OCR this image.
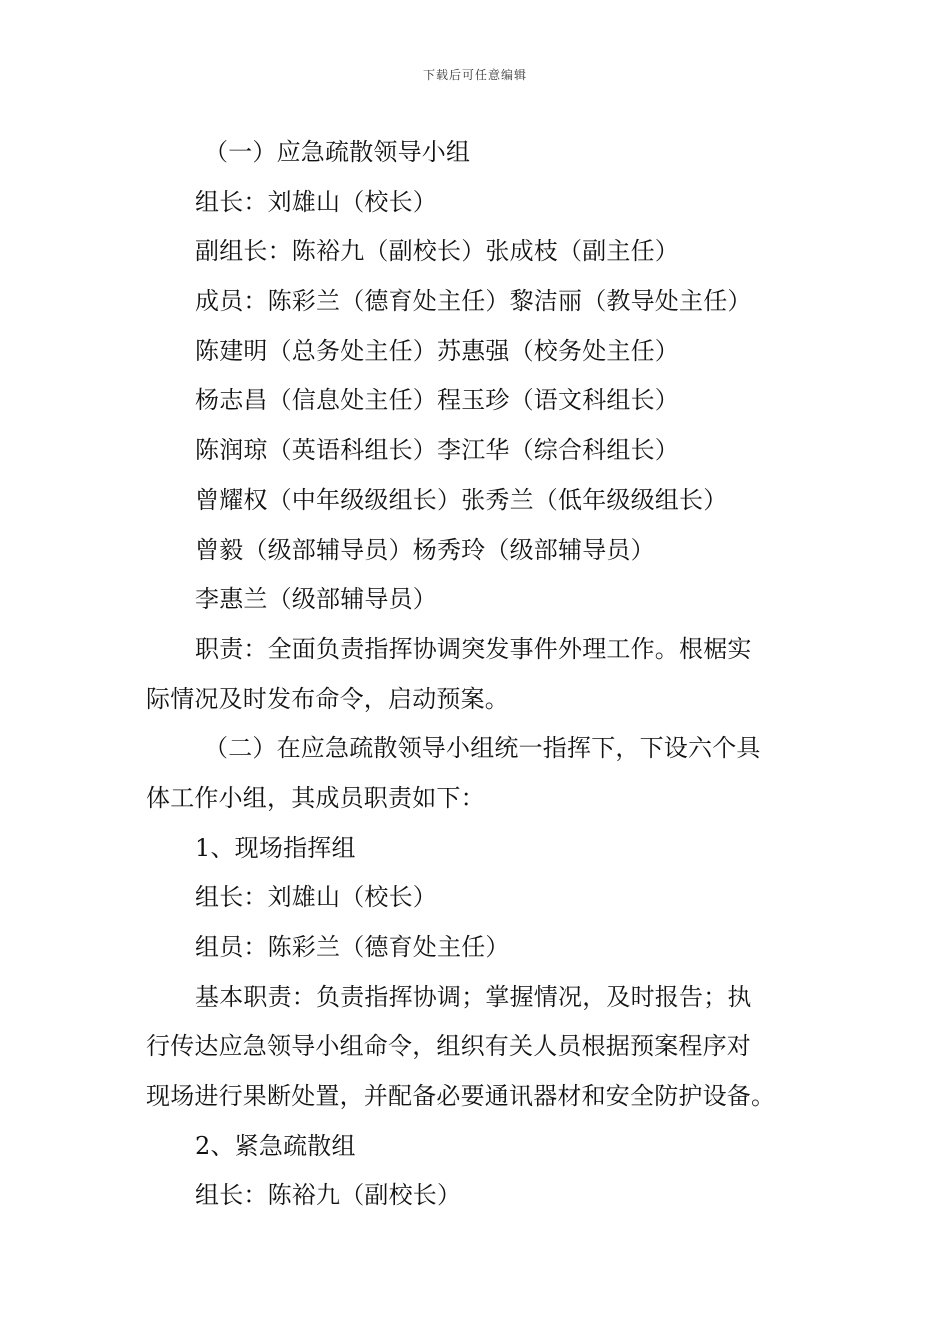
下载后可任意编辑
（一）应急疏散领导小组
组长：刘雄山（校长）
副组长：陈裕九（副校长）张成枝（副主任）
成员：陈彩兰（德育处主任）黎洁丽（教导处主任）
陈建明（总务处主任）苏惠强（校务处主任）
杨志昌（信息处主任）程玉珍（语文科组长）
陈润琼（英语科组长）李江华（综合科组长）
曾耀权（中年级级组长）张秀兰（低年级级组长）
曾毅（级部辅导员）杨秀玲（级部辅导员）
李惠兰（级部辅导员）
职责：全面负责指挥协调突发事件外理工作。根椐实
际情况及时发布命令，启动预案。
（二）在应急疏散领导小组统一指挥下，下设六个具
体工作小组，其成员职责如下：
1、现场指挥组
组长：刘雄山（校长）
组员：陈彩兰（德育处主任）
基本职责：负责指挥协调；掌握情况，及时报告；执
行传达应急领导小组命令，组织有关人员根据预案程序对
现场进行果断处置，并配备必要通讯器材和安全防护设备。
2、紧急疏散组
组长：陈裕九（副校长）
